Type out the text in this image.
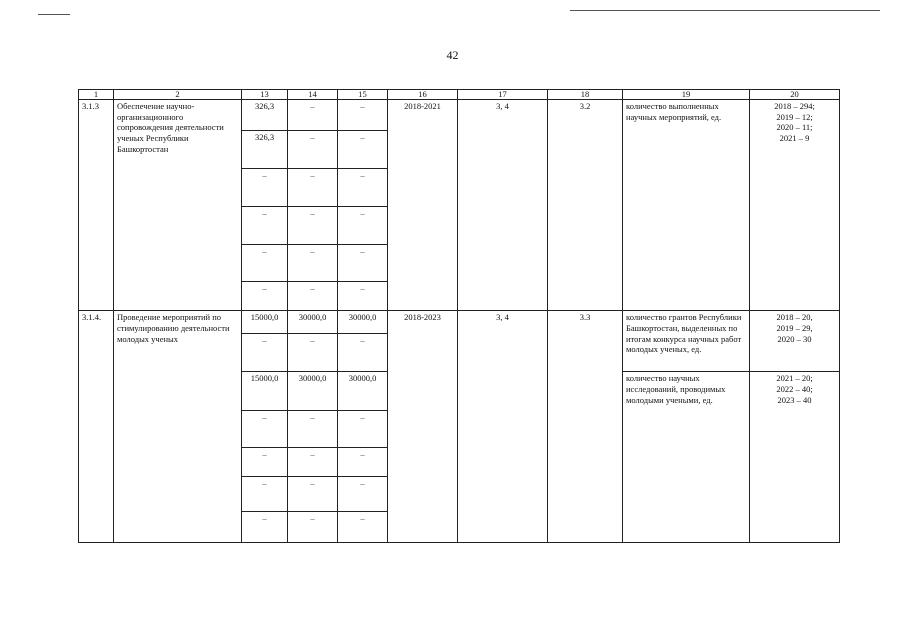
42
1	2	13	14	15	16	17	18	19	20
3.1.3	Обеспечение научно-организационного сопровождения деятельности ученых Республики Башкортостан	326,3	–	–	2018-2021	3, 4	3.2	количество выполненных научных мероприятий, ед.	2018 – 294;
2019 – 12;
2020 – 11;
2021 – 9

		326,3	–	–					
		–	–	–					
		–	–	–					
		–	–	–					
		–	–	–					
3.1.4.	Проведение мероприятий по стимулированию деятельности молодых ученых	15000,0	30000,0	30000,0	2018-2023	3, 4	3.3	количество грантов Республики Башкортостан, выделенных по итогам конкурса научных работ молодых ученых, ед.	2018 – 20,
2019 – 29,
2020 – 30

		–	–	–					
		15000,0	30000,0	30000,0				количество научных исследований, проводимых молодыми учеными, ед.	2021 – 20;
2022 – 40;
2023 – 40

		–	–	–					
		–	–	–					
		–	–	–					
		–	–	–					
